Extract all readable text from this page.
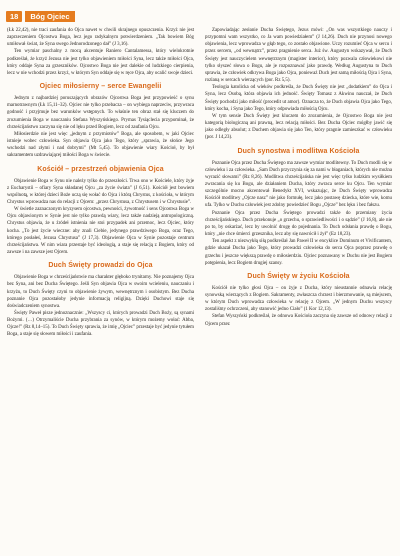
18	Bóg Ojciec

(Łk 22,42), nie traci zaufania do Ojca nawet w chwili skrajnego opuszczenia. Krzyż nie jest zaprzeczeniem Ojcostwa Boga, lecz jego radykalnym potwierdzeniem. „Tak bowiem Bóg umiłował świat, że Syna swego Jednorodzonego dał” (J 3,16).

Ten wymiar paschalny z mocą akcentuje Raniero Cantalamessa, który wielokrotnie podkreślał, że krzyż Jezusa nie jest tylko objawieniem miłości Syna, lecz także miłości Ojca, który oddaje Syna za grzeszników. Ojcostwo Boga nie jest dalekie od ludzkiego cierpienia, lecz w nie wchodzi przez krzyż, w którym Syn oddaje się w ręce Ojca, aby ocalić swoje dzieci.

Ojciec miłosierny – serce Ewangelii

Jednym z najbardziej poruszających obrazów Ojcostwa Boga jest przypowieść o synu marnotrawnym (Łk 15,11–32). Ojciec nie tylko przebacza – on wybiega naprzeciw, przywraca godność i przyjmuje bez warunków wstępnych. To właśnie ten obraz stał się kluczem do zrozumienia Boga w nauczaniu Stefana Wyszyńskiego. Prymas Tysiąclecia przypominał, że chrześcijaństwo zaczyna się nie od lęku przed Bogiem, lecz od zaufania Ojcu.

Miłosierdzie nie jest więc „jednym z przymiotów” Boga, ale sposobem, w jaki Ojciec istnieje wobec człowieka. Syn objawia Ojca jako Tego, który „sprawia, że słońce Jego wschodzi nad złymi i nad dobrymi” (Mt 5,45). To objawienie wiary Kościoł, by był sakramentem uzdrawiającej miłości Boga w świecie.

Kościół – przestrzeń objawienia Ojca

Objawienie Boga w Synu nie należy tylko do przeszłości. Trwa ono w Kościele, który żyje z Eucharystii – ofiary Syna składanej Ojcu „za życie świata” (J 6,51). Kościół jest bowiem wspólnotą, w której dzieci Boże uczą się wołać do Ojca i którą Chrystus, z kościoła, w którym Chrystus wprowadza nas do relacji z Ojcem: „przez Chrystusa, z Chrystusem i w Chrystusie”.

W świetle zaznaczonym kryzysem ojcostwa, pewności, żywotność i sens Ojcostwa Boga w Ojcu objawionym w Synie jest nie tylko prawdą wiary, lecz także nadzieją antropologiczną. Chrystus objawia, że u źródeł istnienia nie stoi przypadek ani przemoc, lecz Ojciec, który kocha. „To jest życie wieczne: aby znali Ciebie, jedynego prawdziwego Boga, oraz Tego, którego posłałeś, Jezusa Chrystusa” (J 17,3). Objawienie Ojca w Synie pozostaje centrum chrześcijaństwa. W nim wiara przestaje być ideologią, a staje się relacją z Bogiem, który od zawsze i na zawsze jest Ojcem.

Duch Święty prowadzi do Ojca

Objawienie Boga w chrześcijaństwie ma charakter głęboko trynitarny. Nie poznajemy Ojca bez Syna, ani bez Ducha Świętego. Jeśli Syn objawia Ojca w swoim wcieleniu, nauczaniu i krzyżu, to Duch Święty czyni to objawienie żywym, wewnętrznym i osobistym. Bez Ducha poznanie Ojca pozostałoby jedynie informacją religijną. Dzięki Duchowi staje się doświadczeniem synostwa.

Święty Paweł pisze jednoznacznie: „Wszyscy ci, których prowadzi Duch Boży, są synami Bożymi. (…) Otrzymaliście Ducha przybrania za synów, w którym możemy wołać: Abba, Ojcze!” (Rz 8,14–15). To Duch Święty sprawia, że imię „Ojciec” przestaje być jedynie tytułem Boga, a staje się słowem miłości i zaufania.

Zapowiadając zesłanie Ducha Świętego, Jezus mówi: „On was wszystkiego nauczy i przypomni wam wszystko, co Ja wam powiedziałem” (J 14,26). Duch nie przynosi nowego objawienia, lecz wprowadza w głąb tego, co zostało objawione. Uczy rozumieć Ojca w sercu i przez sercem, „od wewnątrz”, przez pragnienie serca. Już św. Augustyn wskazywał, że Duch Święty jest nauczycielem wewnętrznym (magister interior), który pozwala człowiekowi nie tylko słyszeć słowa o Bogu, ale je rozpoznawać jako prawdę. Według Augustyna to Duch sprawia, że człowiek odkrywa Boga jako Ojca, ponieważ Duch jest samą miłością Ojca i Syna, rozlaną w sercach wierzących (por. Rz 5,5).

Teologia katolicka od wieków podkreśla, że Duch Święty nie jest „dodatkiem” do Ojca i Syna, lecz Osobą, która objawia ich jedność. Święty Tomasz z Akwinu nauczał, że Duch Święty pochodzi jako miłość (procedit ut amor). Oznacza to, że Duch objawia Ojca jako Tego, który kocha, i Syna jako Tego, który odpowiada miłością Ojcu.

W tym sensie Duch Święty jest kluczem do zrozumienia, że Ojcostwo Boga nie jest kategorią biologiczną ani prawną, lecz relacją miłości. Bez Ducha Ojciec mógłby jawić się jako odległy absolut; z Duchem objawia się jako Ten, który pragnie zamieszkać w człowieku (por. J 14,23).

Duch synostwa i modlitwa Kościoła

Poznanie Ojca przez Ducha Świętego ma zawsze wymiar modlitewny. To Duch modli się w człowieku i za człowieka. „Sam Duch przyczynia się za nami w błaganiach, których nie można wyrazić słowami” (Rz 8,26). Modlitwa chrześcijańska nie jest więc tylko ludzkim wysiłkiem zwracania się ku Bogu, ale działaniem Ducha, który zwraca serce ku Ojcu. Ten wymiar szczególnie mocno akcentował Benedykt XVI, wskazując, że Duch Święty wprowadza Kościół modlitwy „Ojcze nasz” nie jako formułę, lecz jako postawę dziecka, które wie, komu ufa. Tylko w Duchu człowiek jest zdolny powiedzieć Bogu „Ojcze” bez lęku i bez fałszu.

Poznanie Ojca przez Ducha Świętego prowadzi także do przemiany życia chrześcijańskiego. Duch przekonuje „o grzechu, o sprawiedliwości i o sądzie” (J 16,8), ale nie po to, by oskarżać, lecz by uwolnić drogę do pojednania. To Duch odsłania prawdę o Bogu, który „nie chce śmierci grzesznika, lecz aby się nawrócił i żył” (Ez 18,23).

Ten aspekt z niezwykłą siłą podkreślał Jan Paweł II w encyklice Dominum et Vivificantem, gdzie ukazał Ducha jako Tego, który prowadzi człowieka do serca Ojca poprzez prawdę o grzechu i jeszcze większą prawdę o miłosierdziu. Ojciec poznawany w Duchu nie jest Bogiem potępienia, lecz Bogiem drugiej szansy.

Duch Święty w życiu Kościoła

Kościół nie tylko głosi Ojca – on żyje z Ducha, który nieustannie odnawia relację synowską wierzących z Bogiem. Sakramenty, zwłaszcza chrzest i bierzmowanie, są miejscem, w którym Duch wprowadza człowieka w relację z Ojcem. „W jednym Duchu wszyscy zostaliśmy ochrzczeni, aby stanowić jedno Ciało” (1 Kor 12,13).

Stefan Wyszyński podkreślał, że odnowa Kościoła zaczyna się zawsze od odnowy relacji z Ojcem przez
